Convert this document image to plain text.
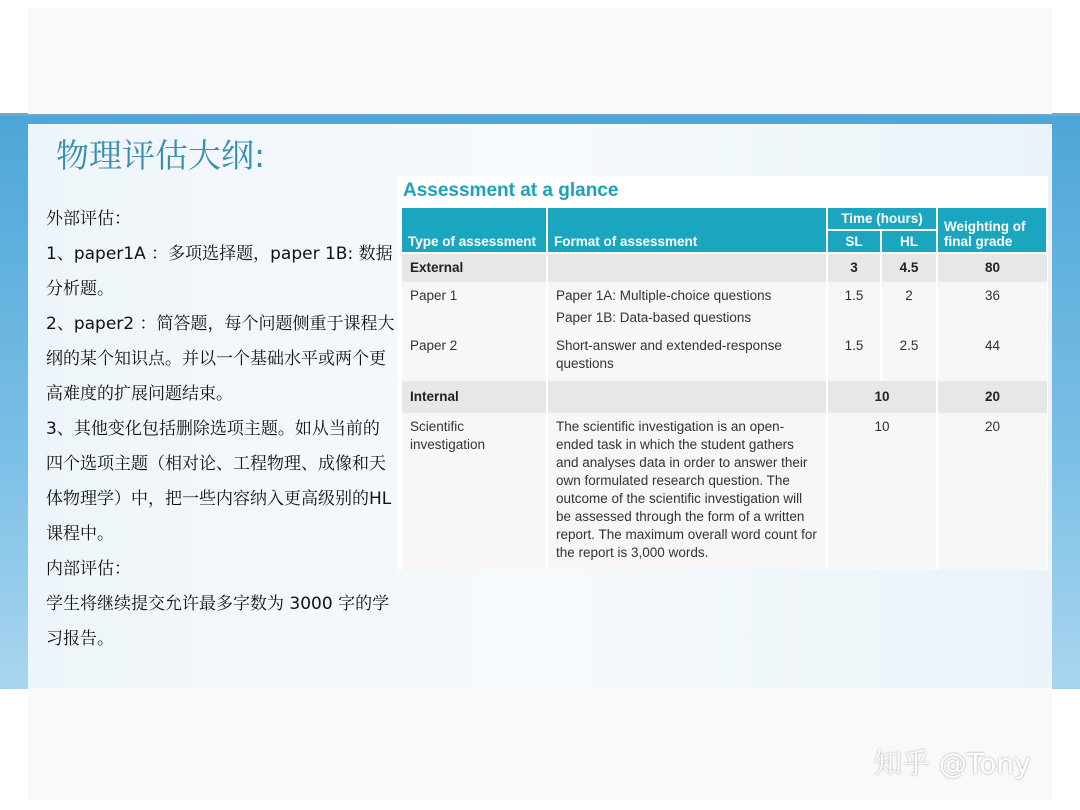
物理评估大纲:

外部评估：

1、paper1A ：多项选择题，paper 1B: 数据分析题。

2、paper2 ：简答题，每个问题侧重于课程大纲的某个知识点。并以一个基础水平或两个更高难度的扩展问题结束。

3、其他变化包括删除选项主题。如从当前的四个选项主题（相对论、工程物理、成像和天体物理学）中，把一些内容纳入更高级别的HL课程中。

内部评估：

学生将继续提交允许最多字数为 3000 字的学习报告。

Assessment at a glance
Type of assessment	Format of assessment	Time (hours)		Weighting of final grade
		SL	HL	
External		3	4.5	80
Paper 1	Paper 1A: Multiple-choice questions
Paper 1B: Data-based questions	1.5	2	36
Paper 2	Short-answer and extended-response questions	1.5	2.5	44
Internal		10		20
Scientific investigation	The scientific investigation is an open-ended task in which the student gathers and analyses data in order to answer their own formulated research question. The outcome of the scientific investigation will be assessed through the form of a written report. The maximum overall word count for the report is 3,000 words.	10		20
知乎 @Tony
